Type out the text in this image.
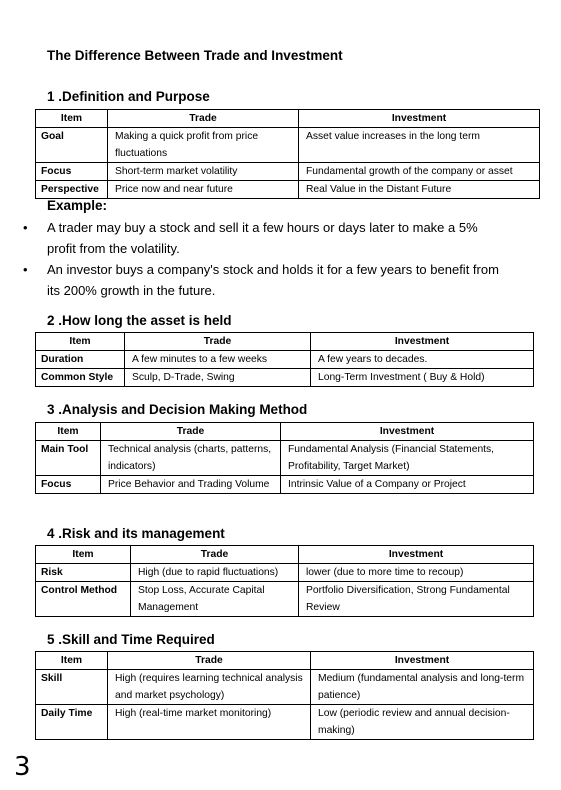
The Difference Between Trade and Investment
1 .Definition and Purpose
Item	Trade	Investment
Goal	Making a quick profit from price fluctuations	Asset value increases in the long term
Focus	Short-term market volatility	Fundamental growth of the company or asset
Perspective	Price now and near future	Real Value in the Distant Future
Example:
• A trader may buy a stock and sell it a few hours or days later to make a 5% profit from the volatility.
• An investor buys a company's stock and holds it for a few years to benefit from its 200% growth in the future.
2 .How long the asset is held
Item	Trade	Investment
Duration	A few minutes to a few weeks	A few years to decades.
Common Style	Sculp, D-Trade, Swing	Long-Term Investment ( Buy & Hold)
3 .Analysis and Decision Making Method
Item	Trade	Investment
Main Tool	Technical analysis (charts, patterns, indicators)	Fundamental Analysis (Financial Statements, Profitability, Target Market)
Focus	Price Behavior and Trading Volume	Intrinsic Value of a Company or Project
4 .Risk and its management
Item	Trade	Investment
Risk	High (due to rapid fluctuations)	lower (due to more time to recoup)
Control Method	Stop Loss, Accurate Capital Management	Portfolio Diversification, Strong Fundamental Review
5 .Skill and Time Required
Item	Trade	Investment
Skill	High (requires learning technical analysis and market psychology)	Medium (fundamental analysis and long-term patience)
Daily Time	High (real-time market monitoring)	Low (periodic review and annual decision-making)
3
